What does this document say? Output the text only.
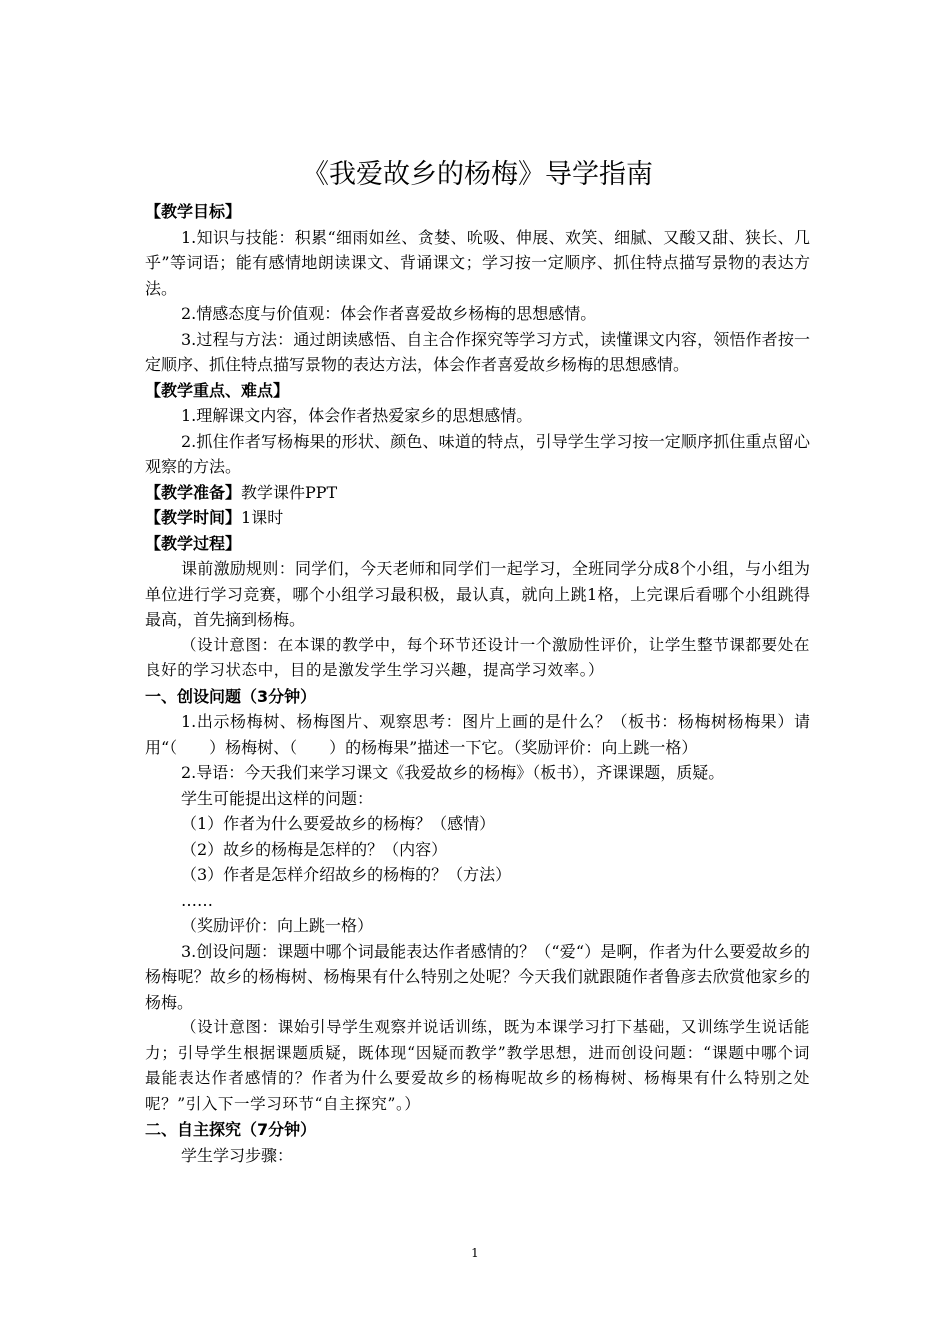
《我爱故乡的杨梅》导学指南

【教学目标】

1.知识与技能：积累“细雨如丝、贪婪、吮吸、伸展、欢笑、细腻、又酸又甜、狭长、几乎”等词语；能有感情地朗读课文、背诵课文；学习按一定顺序、抓住特点描写景物的表达方法。

2.情感态度与价值观：体会作者喜爱故乡杨梅的思想感情。

3.过程与方法：通过朗读感悟、自主合作探究等学习方式，读懂课文内容，领悟作者按一定顺序、抓住特点描写景物的表达方法，体会作者喜爱故乡杨梅的思想感情。

【教学重点、难点】

1.理解课文内容，体会作者热爱家乡的思想感情。

2.抓住作者写杨梅果的形状、颜色、味道的特点，引导学生学习按一定顺序抓住重点留心观察的方法。

【教学准备】教学课件PPT

【教学时间】1课时

【教学过程】

课前激励规则：同学们，今天老师和同学们一起学习，全班同学分成8个小组，与小组为单位进行学习竞赛，哪个小组学习最积极，最认真，就向上跳1格，上完课后看哪个小组跳得最高，首先摘到杨梅。

（设计意图：在本课的教学中，每个环节还设计一个激励性评价，让学生整节课都要处在良好的学习状态中，目的是激发学生学习兴趣，提高学习效率。）

一、创设问题（3分钟）

1.出示杨梅树、杨梅图片、观察思考：图片上画的是什么？（板书：杨梅树杨梅果）请用“（　　）杨梅树、（　　）的杨梅果”描述一下它。（奖励评价：向上跳一格）

2.导语：今天我们来学习课文《我爱故乡的杨梅》（板书），齐课课题，质疑。

学生可能提出这样的问题：

（1）作者为什么要爱故乡的杨梅？（感情）

（2）故乡的杨梅是怎样的？（内容）

（3）作者是怎样介绍故乡的杨梅的？（方法）

……

（奖励评价：向上跳一格）

3.创设问题：课题中哪个词最能表达作者感情的？（“爱“）是啊，作者为什么要爱故乡的杨梅呢？故乡的杨梅树、杨梅果有什么特别之处呢？今天我们就跟随作者鲁彦去欣赏他家乡的杨梅。

（设计意图：课始引导学生观察并说话训练，既为本课学习打下基础，又训练学生说话能力；引导学生根据课题质疑，既体现“因疑而教学”教学思想，进而创设问题：“课题中哪个词最能表达作者感情的？作者为什么要爱故乡的杨梅呢故乡的杨梅树、杨梅果有什么特别之处呢？”引入下一学习环节“自主探究”。）

二、自主探究（7分钟）

学生学习步骤：

1
